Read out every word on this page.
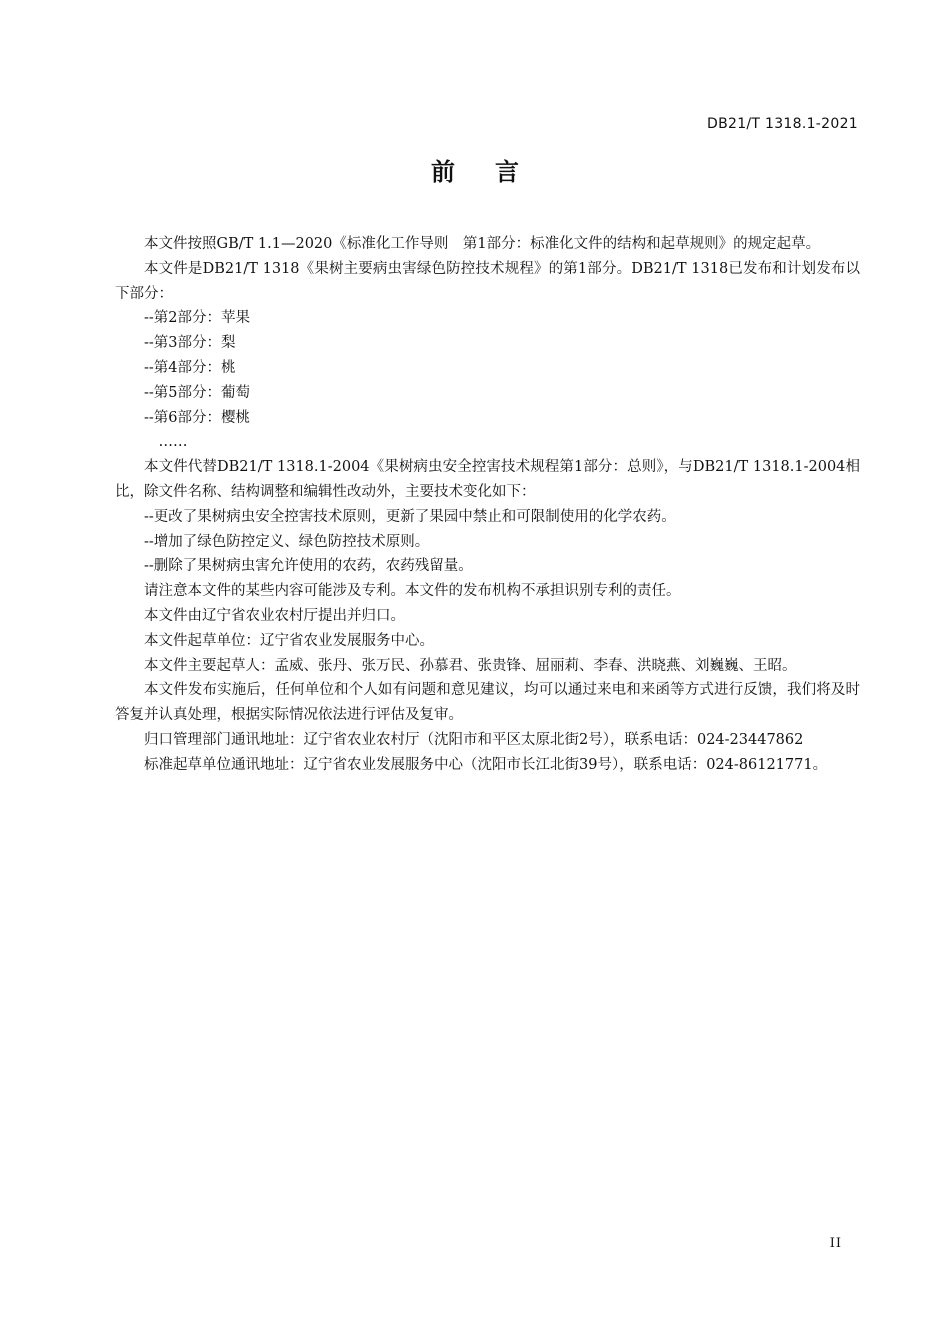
DB21/T 1318.1-2021
前言

本文件按照GB/T 1.1—2020《标准化工作导则　第1部分：标准化文件的结构和起草规则》的规定起草。

本文件是DB21/T 1318《果树主要病虫害绿色防控技术规程》的第1部分。DB21/T 1318已发布和计划发布以下部分：

--第2部分：苹果

--第3部分：梨

--第4部分：桃

--第5部分：葡萄

--第6部分：樱桃

……

本文件代替DB21/T 1318.1-2004《果树病虫安全控害技术规程第1部分：总则》，与DB21/T 1318.1-2004相比，除文件名称、结构调整和编辑性改动外，主要技术变化如下：

--更改了果树病虫安全控害技术原则，更新了果园中禁止和可限制使用的化学农药。

--增加了绿色防控定义、绿色防控技术原则。

--删除了果树病虫害允许使用的农药，农药残留量。

请注意本文件的某些内容可能涉及专利。本文件的发布机构不承担识别专利的责任。

本文件由辽宁省农业农村厅提出并归口。

本文件起草单位：辽宁省农业发展服务中心。

本文件主要起草人：孟威、张丹、张万民、孙慕君、张贵锋、屈丽莉、李春、洪晓燕、刘巍巍、王昭。

本文件发布实施后，任何单位和个人如有问题和意见建议，均可以通过来电和来函等方式进行反馈，我们将及时答复并认真处理，根据实际情况依法进行评估及复审。

归口管理部门通讯地址：辽宁省农业农村厅（沈阳市和平区太原北街2号），联系电话：024-23447862

标准起草单位通讯地址：辽宁省农业发展服务中心（沈阳市长江北街39号），联系电话：024-86121771。

II
